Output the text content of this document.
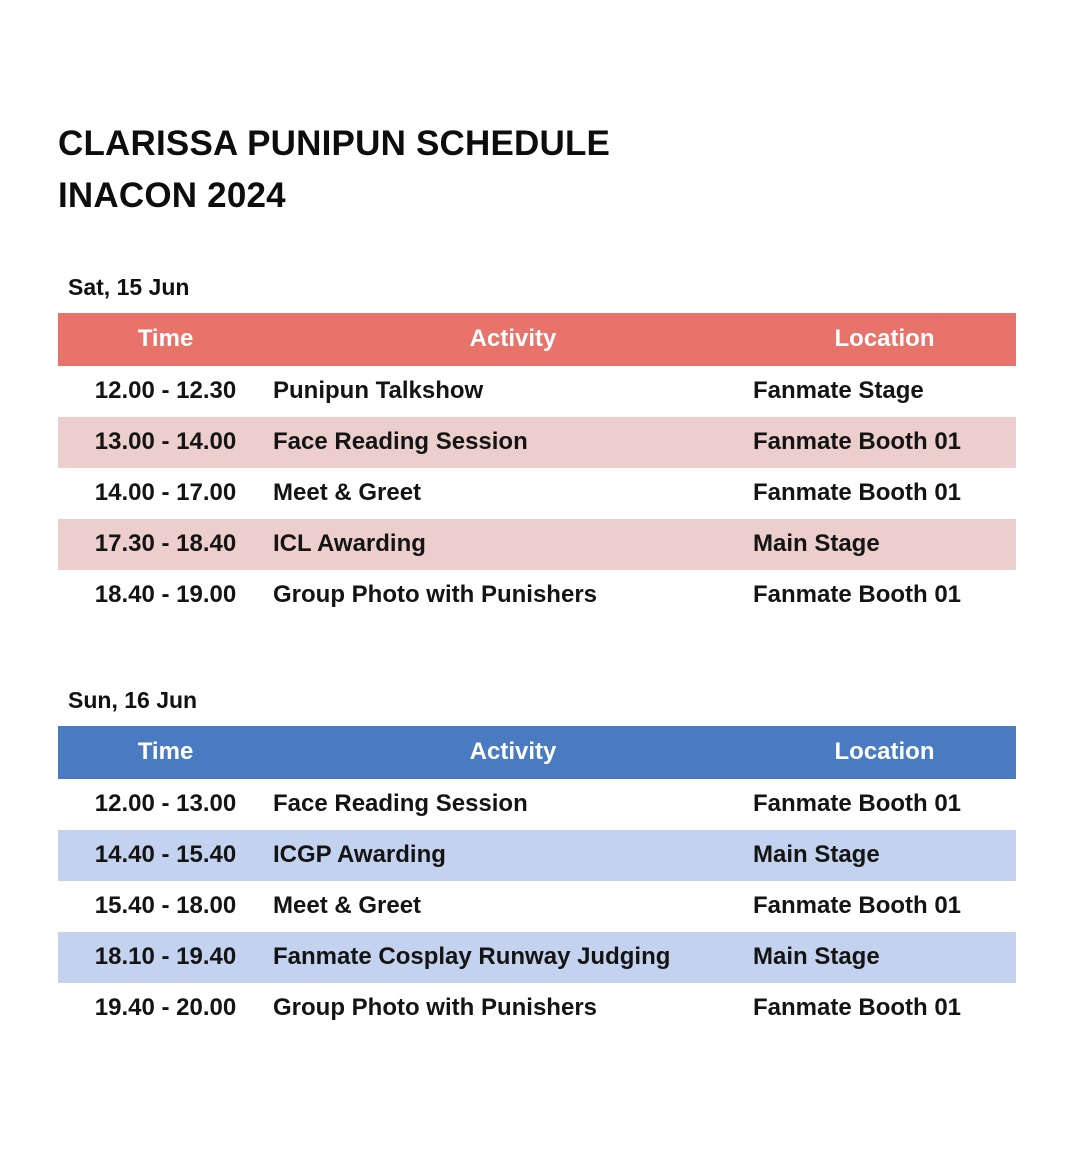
CLARISSA PUNIPUN SCHEDULE
INACON 2024
Sat, 15 Jun
Time	Activity	Location
12.00 - 12.30	Punipun Talkshow	Fanmate Stage
13.00 - 14.00	Face Reading Session	Fanmate Booth 01
14.00 - 17.00	Meet & Greet	Fanmate Booth 01
17.30 - 18.40	ICL Awarding	Main Stage
18.40 - 19.00	Group Photo with Punishers	Fanmate Booth 01
Sun, 16 Jun
Time	Activity	Location
12.00 - 13.00	Face Reading Session	Fanmate Booth 01
14.40 - 15.40	ICGP Awarding	Main Stage
15.40 - 18.00	Meet & Greet	Fanmate Booth 01
18.10 - 19.40	Fanmate Cosplay Runway Judging	Main Stage
19.40 - 20.00	Group Photo with Punishers	Fanmate Booth 01
